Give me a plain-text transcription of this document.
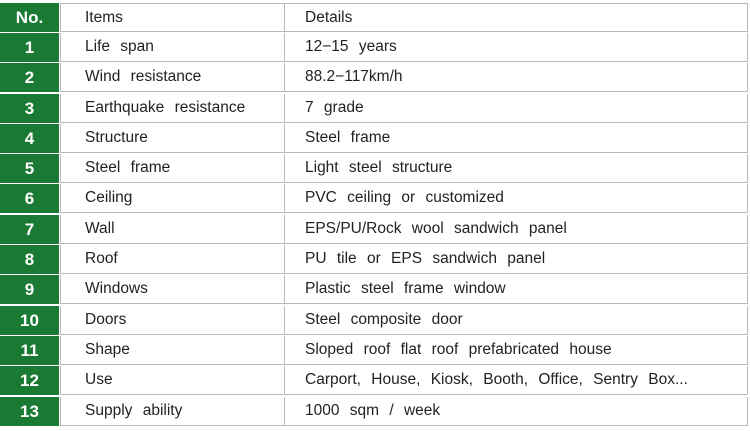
No.	Items	Details
1	Life span	12−15 years
2	Wind resistance	88.2−117km/h
3	Earthquake resistance	7 grade
4	Structure	Steel frame
5	Steel frame	Light steel structure
6	Ceiling	PVC ceiling or customized
7	Wall	EPS/PU/Rock wool sandwich panel
8	Roof	PU tile or EPS sandwich panel
9	Windows	Plastic steel frame window
10	Doors	Steel composite door
11	Shape	Sloped roof flat roof prefabricated house
12	Use	Carport, House, Kiosk, Booth, Office, Sentry Box...
13	Supply ability	1000 sqm / week
